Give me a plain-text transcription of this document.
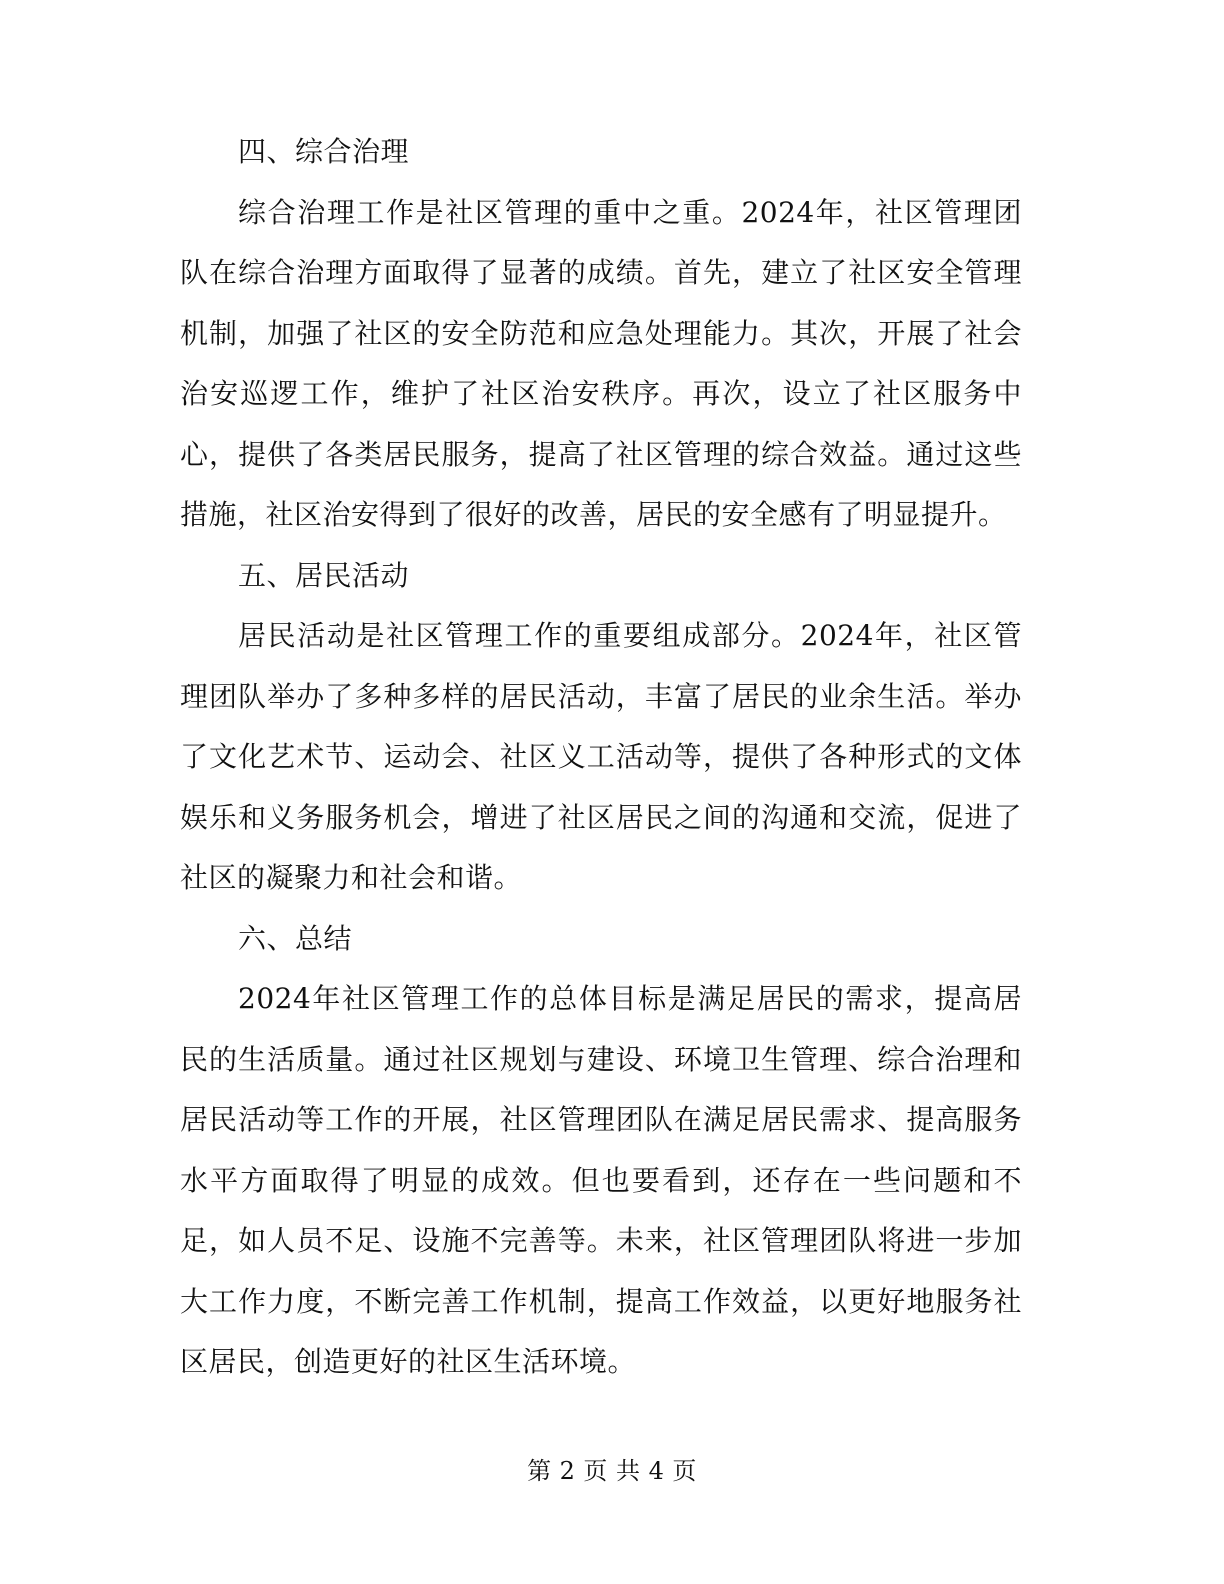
四、综合治理

综合治理工作是社区管理的重中之重。2024年，社区管理团队在综合治理方面取得了显著的成绩。首先，建立了社区安全管理机制，加强了社区的安全防范和应急处理能力。其次，开展了社会治安巡逻工作，维护了社区治安秩序。再次，设立了社区服务中心，提供了各类居民服务，提高了社区管理的综合效益。通过这些措施，社区治安得到了很好的改善，居民的安全感有了明显提升。

五、居民活动

居民活动是社区管理工作的重要组成部分。2024年，社区管理团队举办了多种多样的居民活动，丰富了居民的业余生活。举办了文化艺术节、运动会、社区义工活动等，提供了各种形式的文体娱乐和义务服务机会，增进了社区居民之间的沟通和交流，促进了社区的凝聚力和社会和谐。

六、总结

2024年社区管理工作的总体目标是满足居民的需求，提高居民的生活质量。通过社区规划与建设、环境卫生管理、综合治理和居民活动等工作的开展，社区管理团队在满足居民需求、提高服务水平方面取得了明显的成效。但也要看到，还存在一些问题和不足，如人员不足、设施不完善等。未来，社区管理团队将进一步加大工作力度，不断完善工作机制，提高工作效益，以更好地服务社区居民，创造更好的社区生活环境。

第 2 页 共 4 页
